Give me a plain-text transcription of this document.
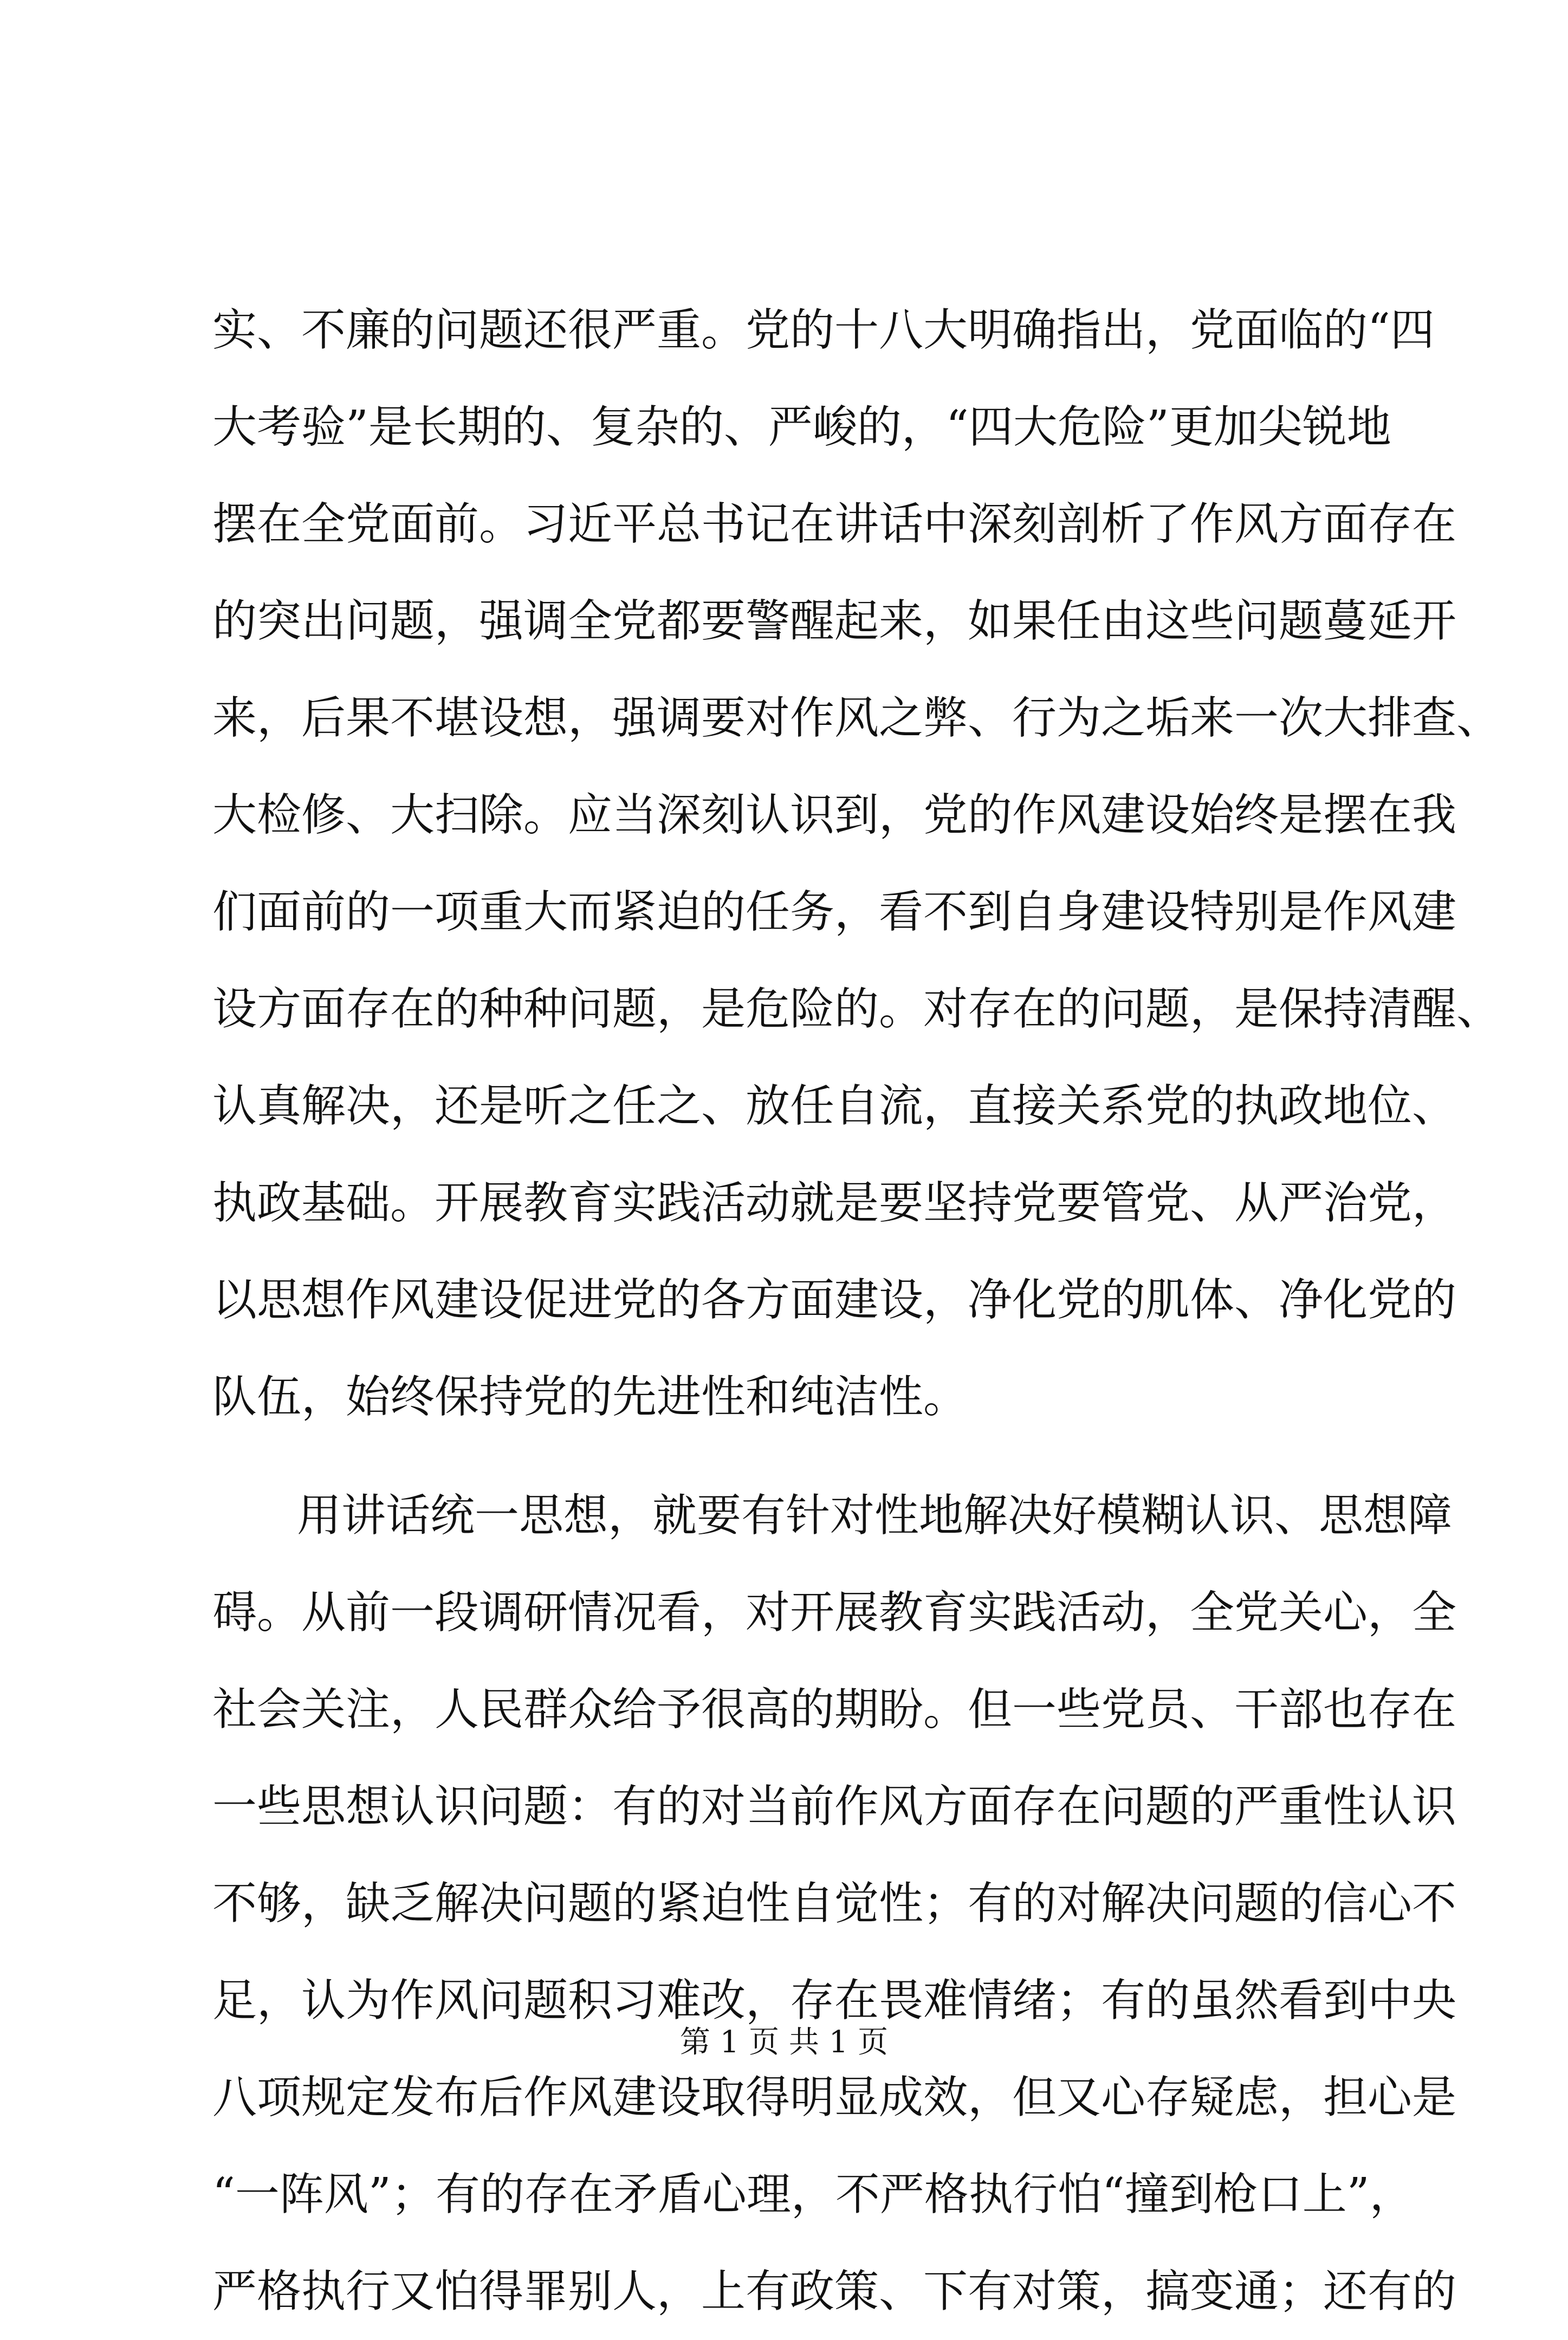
实、不廉的问题还很严重。党的十八大明确指出，党面临的“四
大考验”是长期的、复杂的、严峻的，“四大危险”更加尖锐地
摆在全党面前。习近平总书记在讲话中深刻剖析了作风方面存在
的突出问题，强调全党都要警醒起来，如果任由这些问题蔓延开
来，后果不堪设想，强调要对作风之弊、行为之垢来一次大排查、
大检修、大扫除。应当深刻认识到，党的作风建设始终是摆在我
们面前的一项重大而紧迫的任务，看不到自身建设特别是作风建
设方面存在的种种问题，是危险的。对存在的问题，是保持清醒、
认真解决，还是听之任之、放任自流，直接关系党的执政地位、
执政基础。开展教育实践活动就是要坚持党要管党、从严治党，
以思想作风建设促进党的各方面建设，净化党的肌体、净化党的
队伍，始终保持党的先进性和纯洁性。
用讲话统一思想，就要有针对性地解决好模糊认识、思想障
碍。从前一段调研情况看，对开展教育实践活动，全党关心，全
社会关注，人民群众给予很高的期盼。但一些党员、干部也存在
一些思想认识问题：有的对当前作风方面存在问题的严重性认识
不够，缺乏解决问题的紧迫性自觉性；有的对解决问题的信心不
足，认为作风问题积习难改，存在畏难情绪；有的虽然看到中央
八项规定发布后作风建设取得明显成效，但又心存疑虑，担心是
“一阵风”；有的存在矛盾心理，不严格执行怕“撞到枪口上”，
严格执行又怕得罪别人，上有政策、下有对策，搞变通；还有的
第 1 页 共 1 页
